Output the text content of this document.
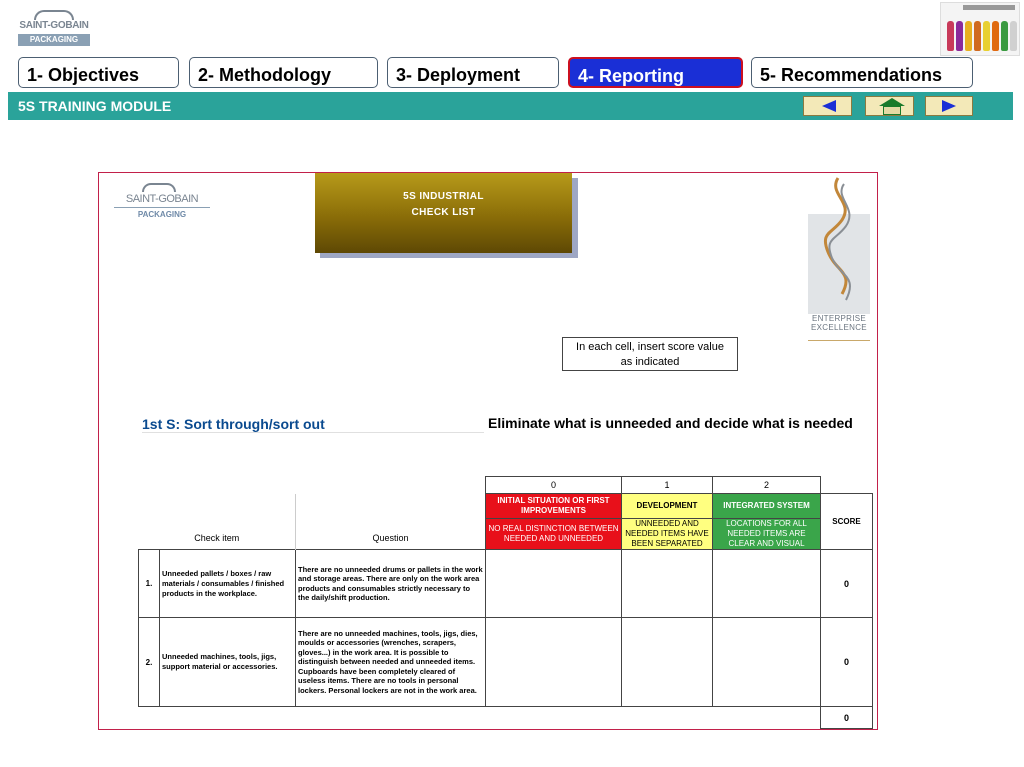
SAINT-GOBAIN
PACKAGING
1- Objectives	2- Methodology	3- Deployment	4- Reporting	5- Recommendations
5S TRAINING MODULE
SAINT-GOBAIN
PACKAGING
5S INDUSTRIAL
CHECK LIST
ENTERPRISE
EXCELLENCE
In each cell, insert score value
as indicated
1st S: Sort through/sort out	Eliminate what is unneeded and decide what is needed
			0	1	2	
Check item		Question	INITIAL SITUATION OR FIRST IMPROVEMENTS	DEVELOPMENT	INTEGRATED SYSTEM	SCORE
			NO REAL DISTINCTION BETWEEN NEEDED AND UNNEEDED	UNNEEDED AND NEEDED ITEMS HAVE BEEN SEPARATED	LOCATIONS FOR ALL NEEDED ITEMS ARE CLEAR AND VISUAL	
1.	Unneeded pallets / boxes / raw materials / consumables / finished products in the workplace.	There are no unneeded drums or pallets in the work and storage areas. There are only on the work area products and consumables strictly necessary to the daily/shift production.				0
2.	Unneeded machines, tools, jigs, support material or accessories.	There are no unneeded machines, tools, jigs, dies, moulds or accessories (wrenches, scrapers, gloves...) in the work area. It is possible to distinguish between needed and unneeded items. Cupboards have been completely cleared of useless items. There are no tools in personal lockers. Personal lockers are not in the work area.				0
						0
